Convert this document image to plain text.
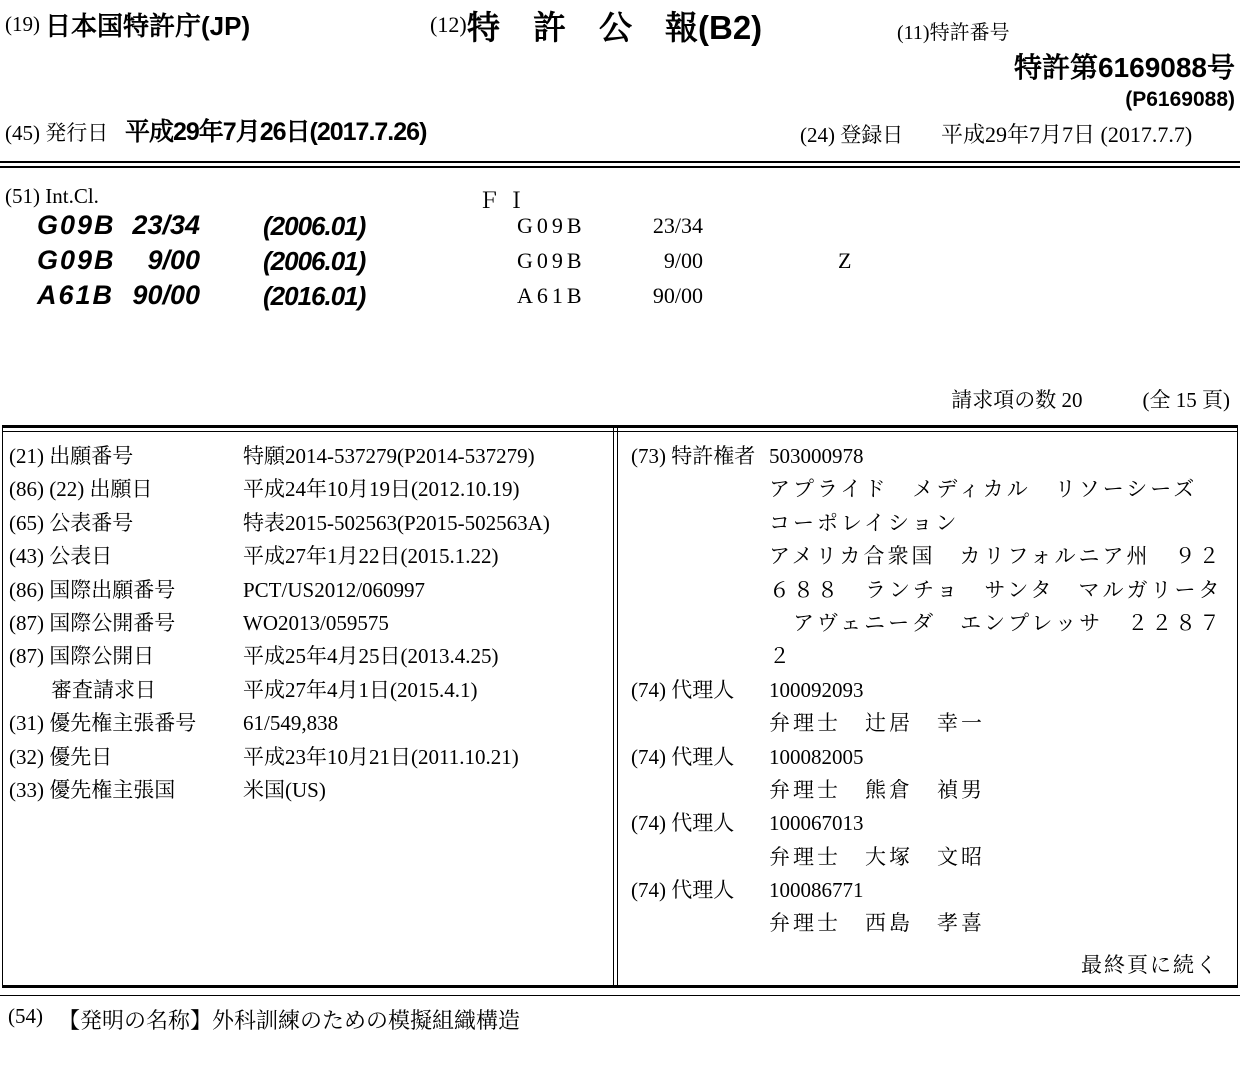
(19) 日本国特許庁(JP)	(12) 特　許　公　報(B2)	(11)特許番号
特許第6169088号
(P6169088)
(45) 発行日 平成29年7月26日(2017.7.26)	(24) 登録日 平成29年7月7日 (2017.7.7)
(51) Int.Cl.	Ｆ Ｉ
G09B 23/34 (2006.01)	G09B	23/34
G09B	9/00 (2006.01)	G09B	9/00	Z
A61B 90/00 (2016.01)	A61B	90/00
請求項の数 20	(全 15 頁)
(21) 出願番号	特願2014-537279(P2014-537279)
(86) (22) 出願日	平成24年10月19日(2012.10.19)
(65) 公表番号	特表2015-502563(P2015-502563A)
(43) 公表日	平成27年1月22日(2015.1.22)
(86) 国際出願番号	PCT/US2012/060997
(87) 国際公開番号	WO2013/059575
(87) 国際公開日	平成25年4月25日(2013.4.25)
　　審査請求日	平成27年4月1日(2015.4.1)
(31) 優先権主張番号 61/549,838
(32) 優先日	平成23年10月21日(2011.10.21)
(33) 優先権主張国	米国(US)
(73) 特許権者 503000978
アプライド　メディカル　リソーシーズ
コーポレイション
アメリカ合衆国　カリフォルニア州　９２
６８８　ランチョ　サンタ　マルガリータ
　アヴェニーダ　エンプレッサ　２２８７
２
(74) 代理人 100092093
弁理士　辻居　幸一
(74) 代理人 100082005
弁理士　熊倉　禎男
(74) 代理人 100067013
弁理士　大塚　文昭
(74) 代理人 100086771
弁理士　西島　孝喜
最終頁に続く
(54) 【発明の名称】外科訓練のための模擬組織構造
